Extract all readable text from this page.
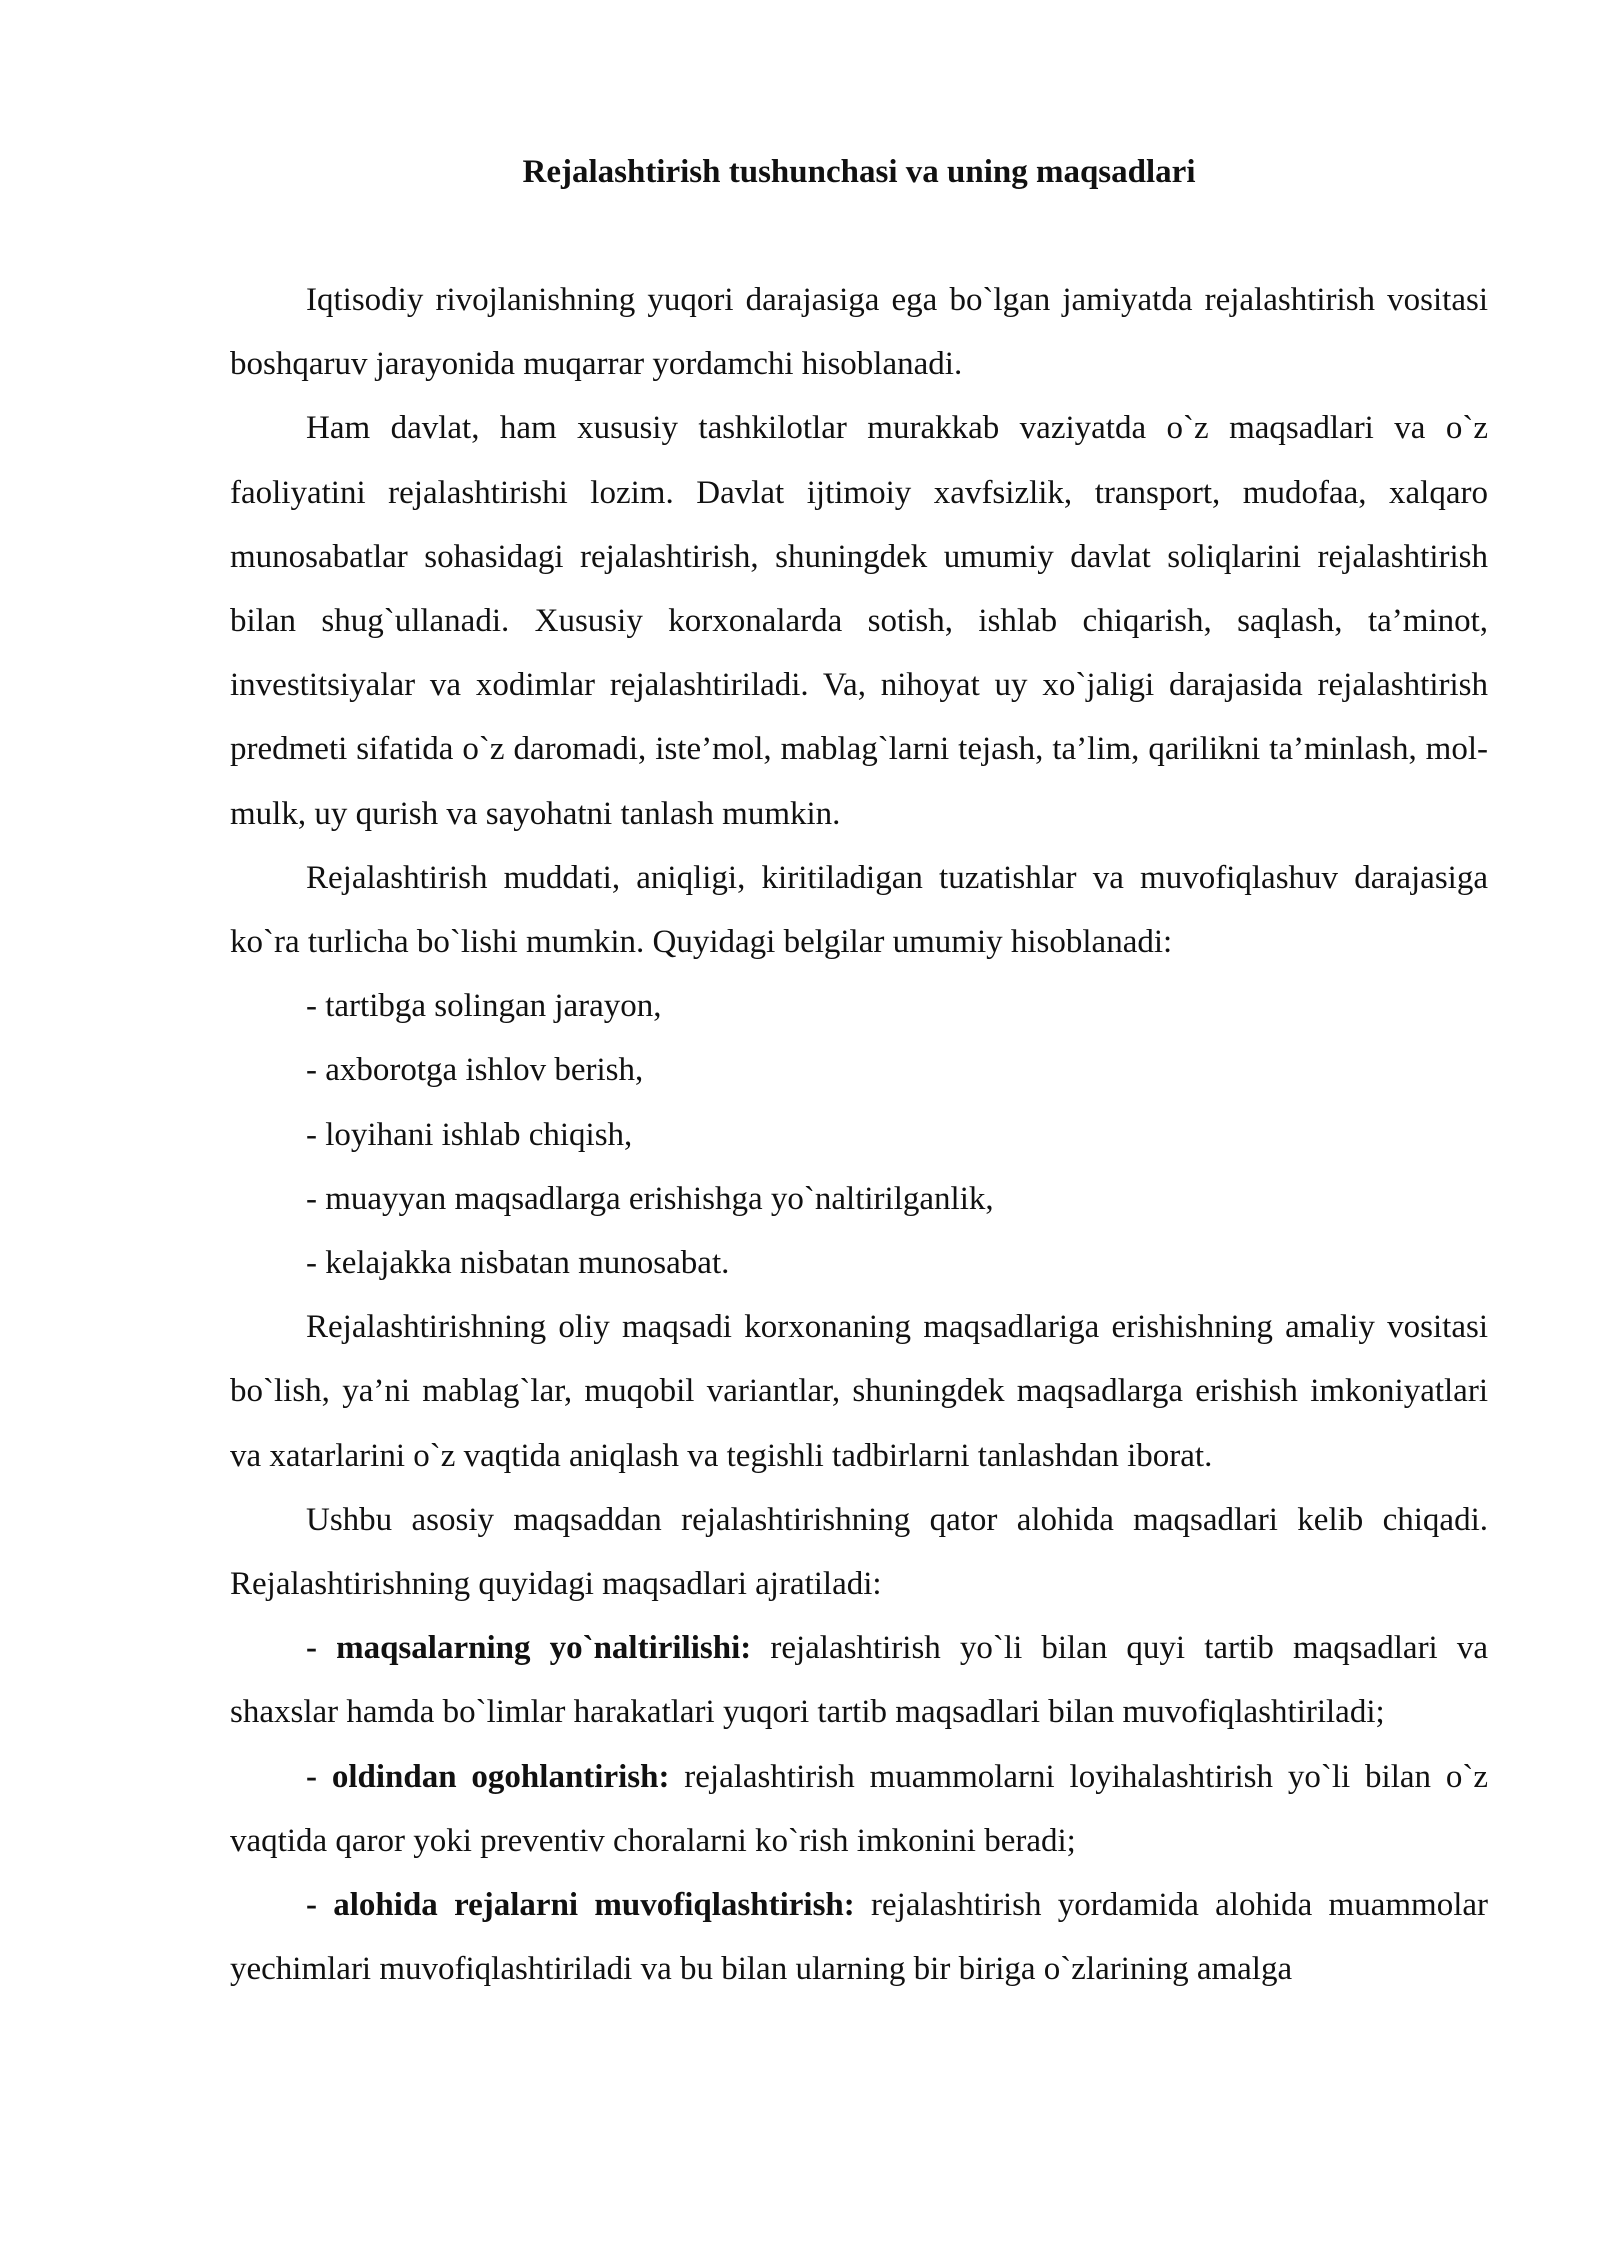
Rejalashtirish tushunchasi va uning maqsadlari

Iqtisodiy rivojlanishning yuqori darajasiga ega bo`lgan jamiyatda rejalashtirish vositasi boshqaruv jarayonida muqarrar yordamchi hisoblanadi.

Ham davlat, ham xususiy tashkilotlar murakkab vaziyatda o`z maqsadlari va o`z faoliyatini rejalashtirishi lozim. Davlat ijtimoiy xavfsizlik, transport, mudofaa, xalqaro munosabatlar sohasidagi rejalashtirish, shuningdek umumiy davlat soliqlarini rejalashtirish bilan shug`ullanadi. Xususiy korxonalarda sotish, ishlab chiqarish, saqlash, ta’minot, investitsiyalar va xodimlar rejalashtiriladi. Va, nihoyat uy xo`jaligi darajasida rejalashtirish predmeti sifatida o`z daromadi, iste’mol, mablag`larni tejash, ta’lim, qarilikni ta’minlash, mol-mulk, uy qurish va sayohatni tanlash mumkin.

Rejalashtirish muddati, aniqligi, kiritiladigan tuzatishlar va muvofiqlashuv darajasiga ko`ra turlicha bo`lishi mumkin. Quyidagi belgilar umumiy hisoblanadi:

- tartibga solingan jarayon,

- axborotga ishlov berish,

- loyihani ishlab chiqish,

- muayyan maqsadlarga erishishga yo`naltirilganlik,

- kelajakka nisbatan munosabat.

Rejalashtirishning oliy maqsadi korxonaning maqsadlariga erishishning amaliy vositasi bo`lish, ya’ni mablag`lar, muqobil variantlar, shuningdek maqsadlarga erishish imkoniyatlari va xatarlarini o`z vaqtida aniqlash va tegishli tadbirlarni tanlashdan iborat.

Ushbu asosiy maqsaddan rejalashtirishning qator alohida maqsadlari kelib chiqadi. Rejalashtirishning quyidagi maqsadlari ajratiladi:

- maqsalarning yo`naltirilishi: rejalashtirish yo`li bilan quyi tartib maqsadlari va shaxslar hamda bo`limlar harakatlari yuqori tartib maqsadlari bilan muvofiqlashtiriladi;

- oldindan ogohlantirish: rejalashtirish muammolarni loyihalashtirish yo`li bilan o`z vaqtida qaror yoki preventiv choralarni ko`rish imkonini beradi;

- alohida rejalarni muvofiqlashtirish: rejalashtirish yordamida alohida muammolar yechimlari muvofiqlashtiriladi va bu bilan ularning bir biriga o`zlarining amalga
